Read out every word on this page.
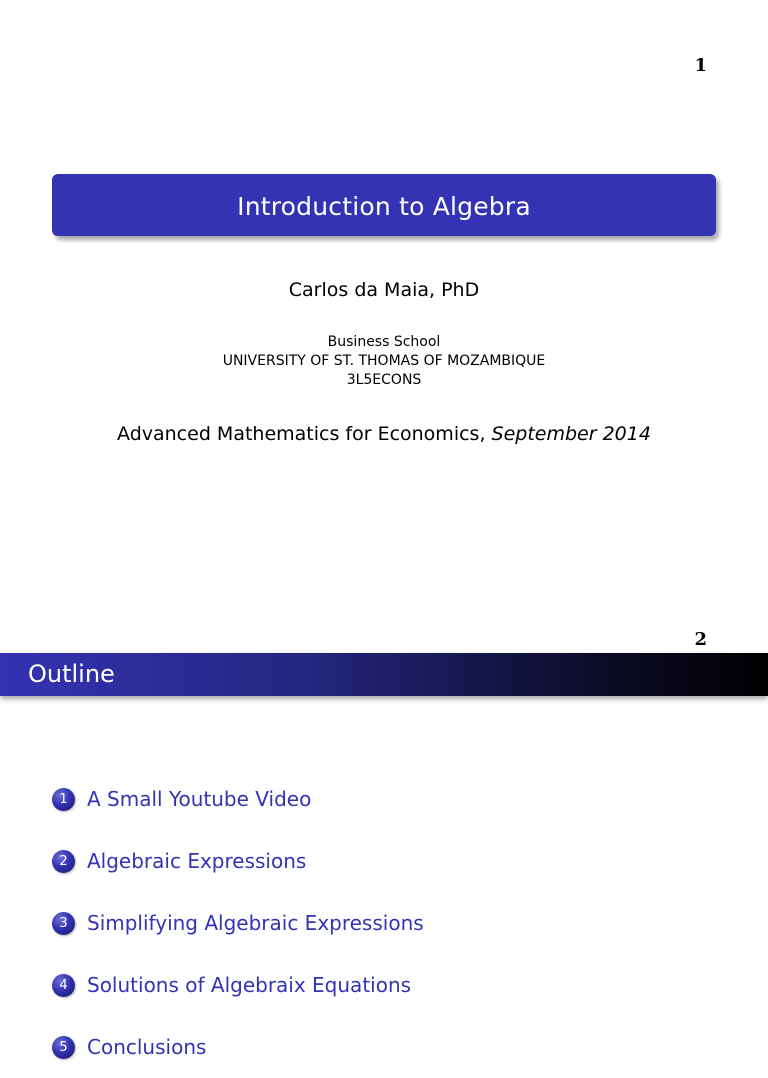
1
Introduction to Algebra
Carlos da Maia, PhD
Business School
UNIVERSITY OF ST. THOMAS OF MOZAMBIQUE
3L5ECONS
Advanced Mathematics for Economics, September 2014
2
Outline
1 A Small Youtube Video
2 Algebraic Expressions
3 Simplifying Algebraic Expressions
4 Solutions of Algebraix Equations
5 Conclusions
